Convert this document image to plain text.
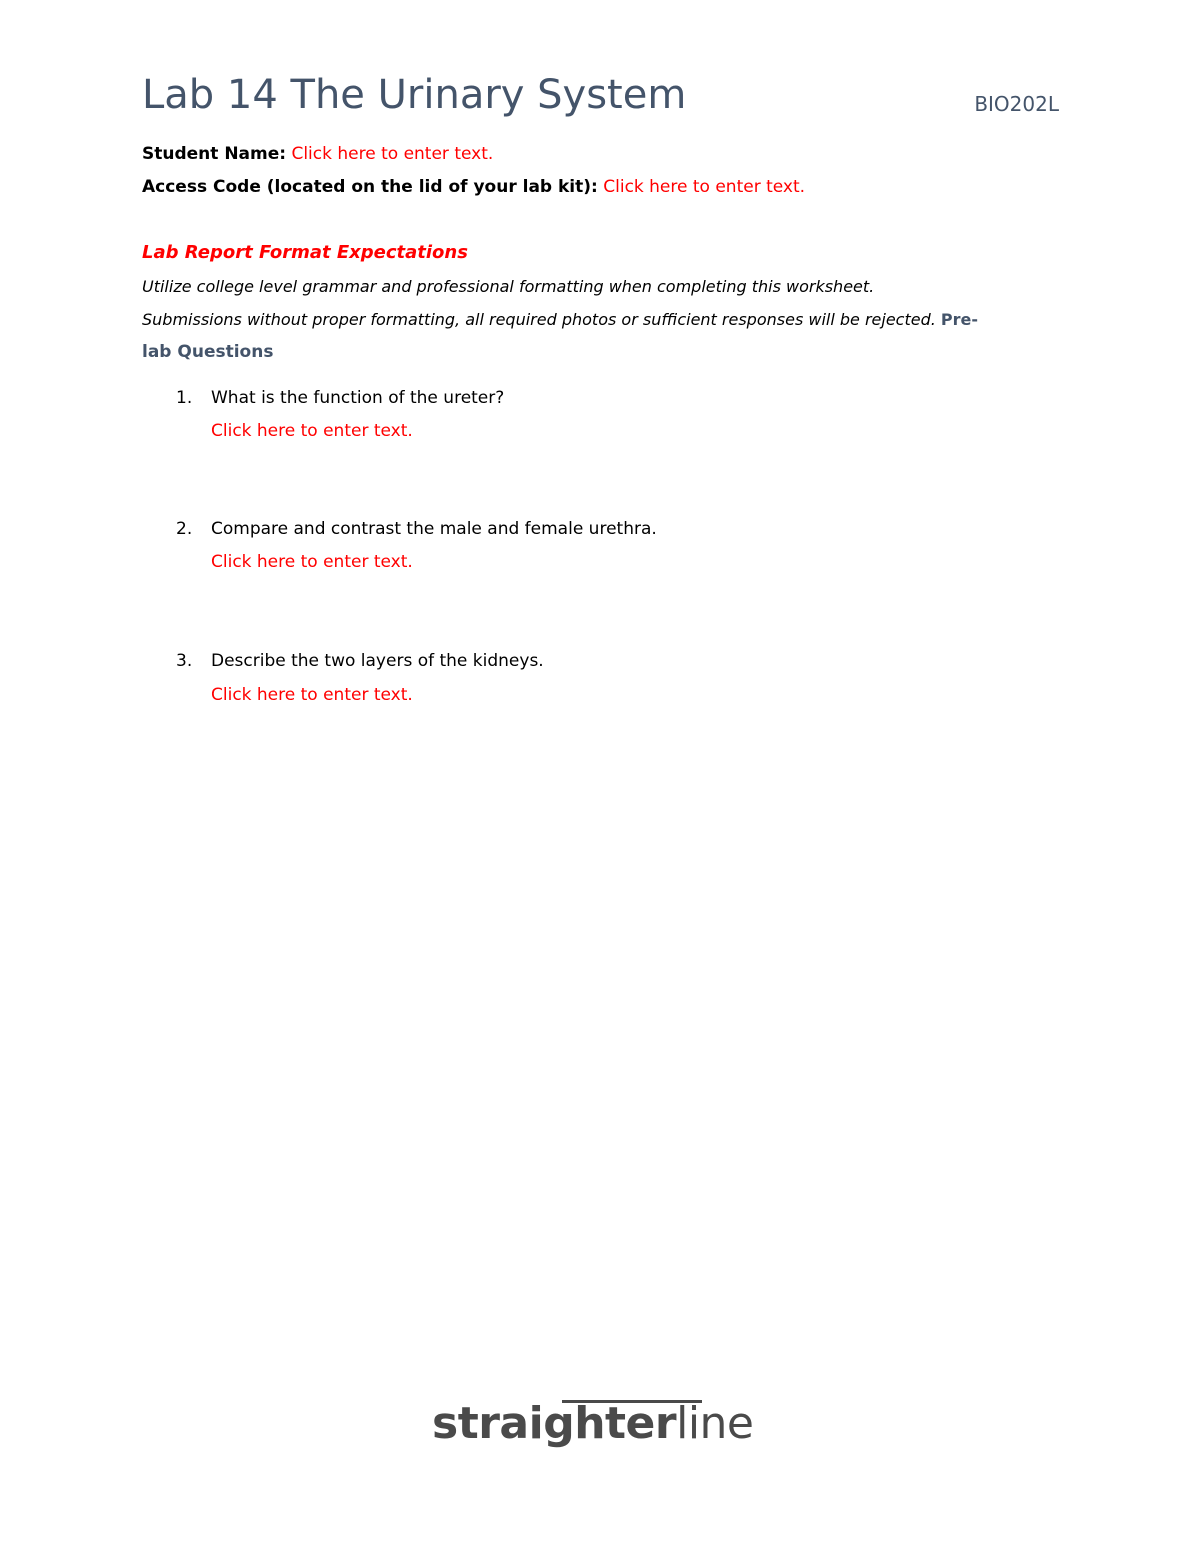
Lab 14 The Urinary System	BIO202L
Student Name: Click here to enter text.
Access Code (located on the lid of your lab kit): Click here to enter text.
Lab Report Format Expectations
Utilize college level grammar and professional formatting when completing this worksheet.
Submissions without proper formatting, all required photos or sufficient responses will be rejected. Pre-
lab Questions
1. What is the function of the ureter?
Click here to enter text.
2. Compare and contrast the male and female urethra.
Click here to enter text.
3. Describe the two layers of the kidneys.
Click here to enter text.
straighterline
